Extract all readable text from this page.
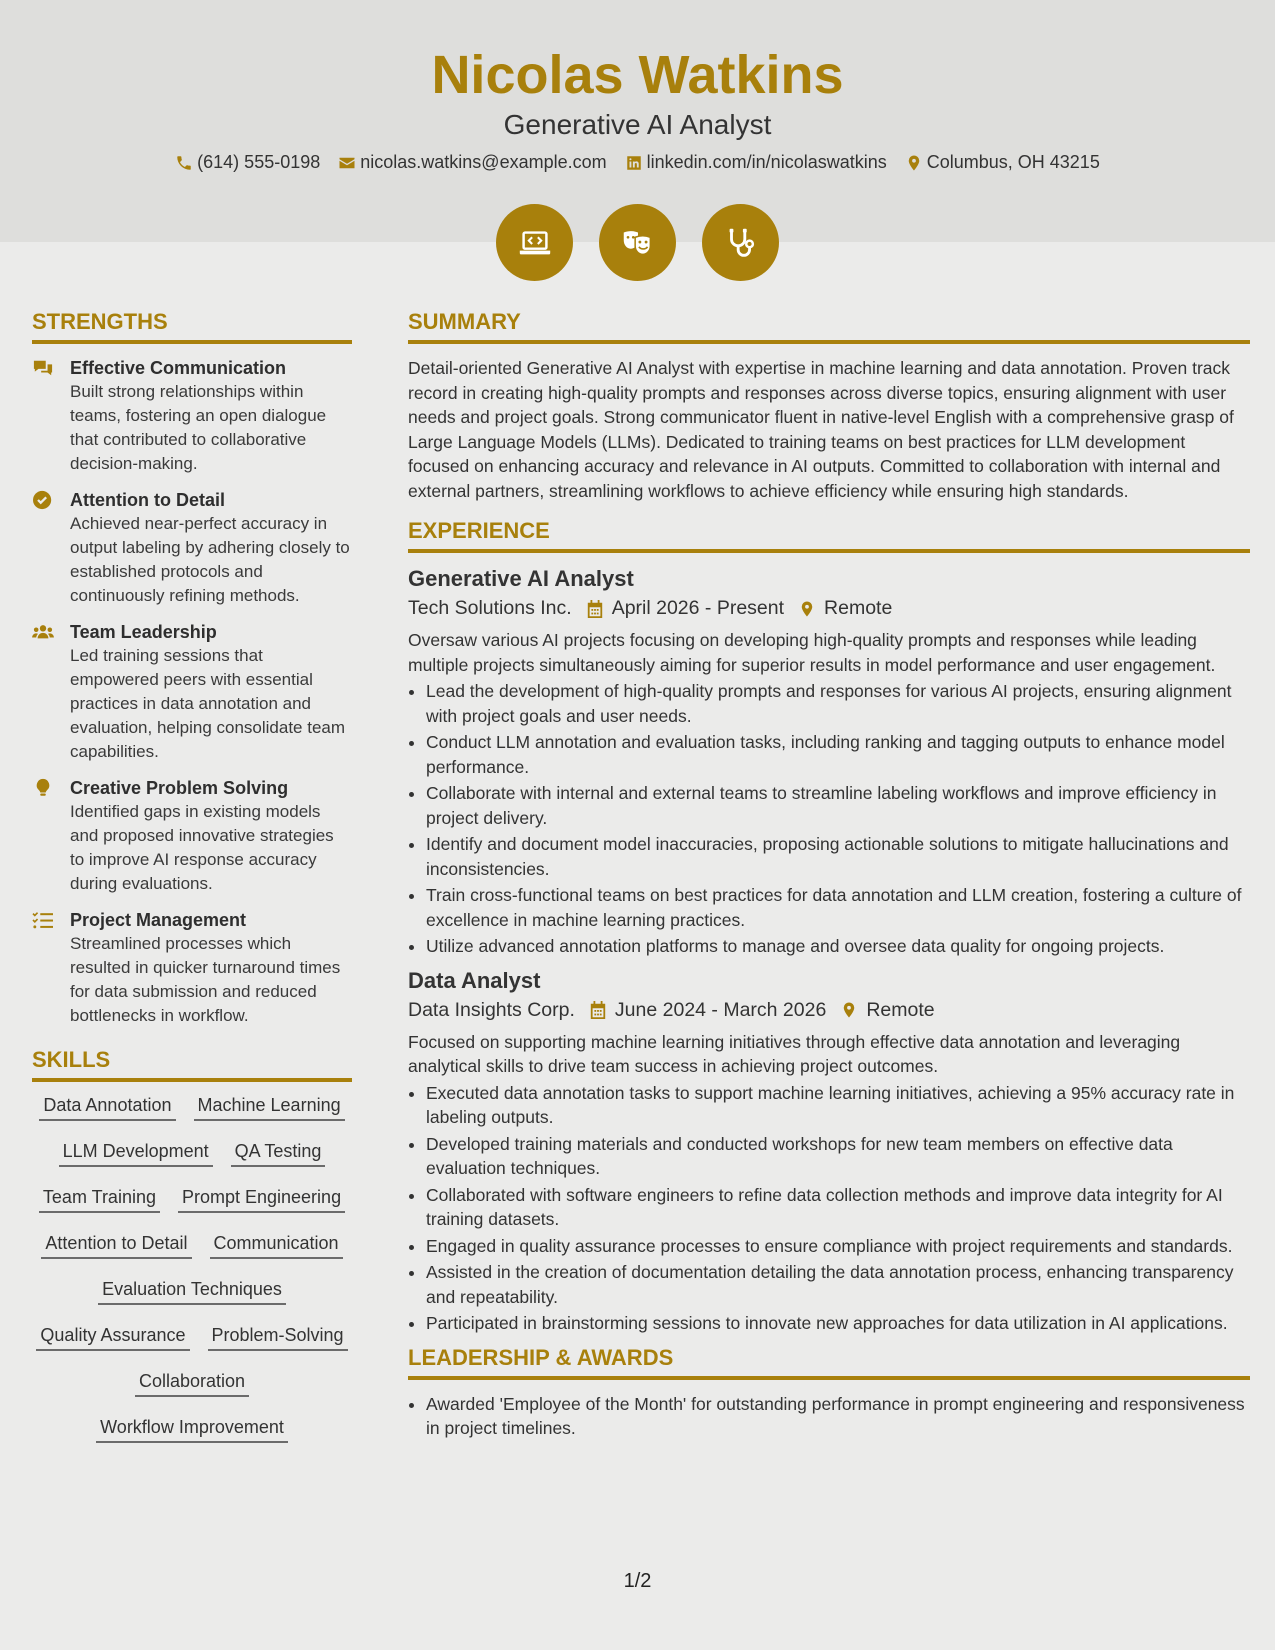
Nicolas Watkins
Generative AI Analyst
(614) 555-0198 nicolas.watkins@example.com linkedin.com/in/nicolaswatkins Columbus, OH 43215
STRENGTHS
Effective Communication
Built strong relationships within teams, fostering an open dialogue that contributed to collaborative decision-making.
Attention to Detail
Achieved near-perfect accuracy in output labeling by adhering closely to established protocols and continuously refining methods.
Team Leadership
Led training sessions that empowered peers with essential practices in data annotation and evaluation, helping consolidate team capabilities.
Creative Problem Solving
Identified gaps in existing models and proposed innovative strategies to improve AI response accuracy during evaluations.
Project Management
Streamlined processes which resulted in quicker turnaround times for data submission and reduced bottlenecks in workflow.
SKILLS
Data Annotation Machine Learning
LLM Development QA Testing
Team Training Prompt Engineering
Attention to Detail Communication
Evaluation Techniques
Quality Assurance Problem-Solving
Collaboration
Workflow Improvement
SUMMARY

Detail-oriented Generative AI Analyst with expertise in machine learning and data annotation. Proven track record in creating high-quality prompts and responses across diverse topics, ensuring alignment with user needs and project goals. Strong communicator fluent in native-level English with a comprehensive grasp of Large Language Models (LLMs). Dedicated to training teams on best practices for LLM development focused on enhancing accuracy and relevance in AI outputs. Committed to collaboration with internal and external partners, streamlining workflows to achieve efficiency while ensuring high standards.

EXPERIENCE
Generative AI Analyst
Tech Solutions Inc. April 2026 - Present Remote

Oversaw various AI projects focusing on developing high-quality prompts and responses while leading multiple projects simultaneously aiming for superior results in model performance and user engagement.

• Lead the development of high-quality prompts and responses for various AI projects, ensuring alignment with project goals and user needs.
• Conduct LLM annotation and evaluation tasks, including ranking and tagging outputs to enhance model performance.
• Collaborate with internal and external teams to streamline labeling workflows and improve efficiency in project delivery.
• Identify and document model inaccuracies, proposing actionable solutions to mitigate hallucinations and inconsistencies.
• Train cross-functional teams on best practices for data annotation and LLM creation, fostering a culture of excellence in machine learning practices.
• Utilize advanced annotation platforms to manage and oversee data quality for ongoing projects.
Data Analyst
Data Insights Corp. June 2024 - March 2026 Remote

Focused on supporting machine learning initiatives through effective data annotation and leveraging analytical skills to drive team success in achieving project outcomes.

• Executed data annotation tasks to support machine learning initiatives, achieving a 95% accuracy rate in labeling outputs.
• Developed training materials and conducted workshops for new team members on effective data evaluation techniques.
• Collaborated with software engineers to refine data collection methods and improve data integrity for AI training datasets.
• Engaged in quality assurance processes to ensure compliance with project requirements and standards.
• Assisted in the creation of documentation detailing the data annotation process, enhancing transparency and repeatability.
• Participated in brainstorming sessions to innovate new approaches for data utilization in AI applications.
LEADERSHIP & AWARDS
• Awarded 'Employee of the Month' for outstanding performance in prompt engineering and responsiveness in project timelines.
1/2
